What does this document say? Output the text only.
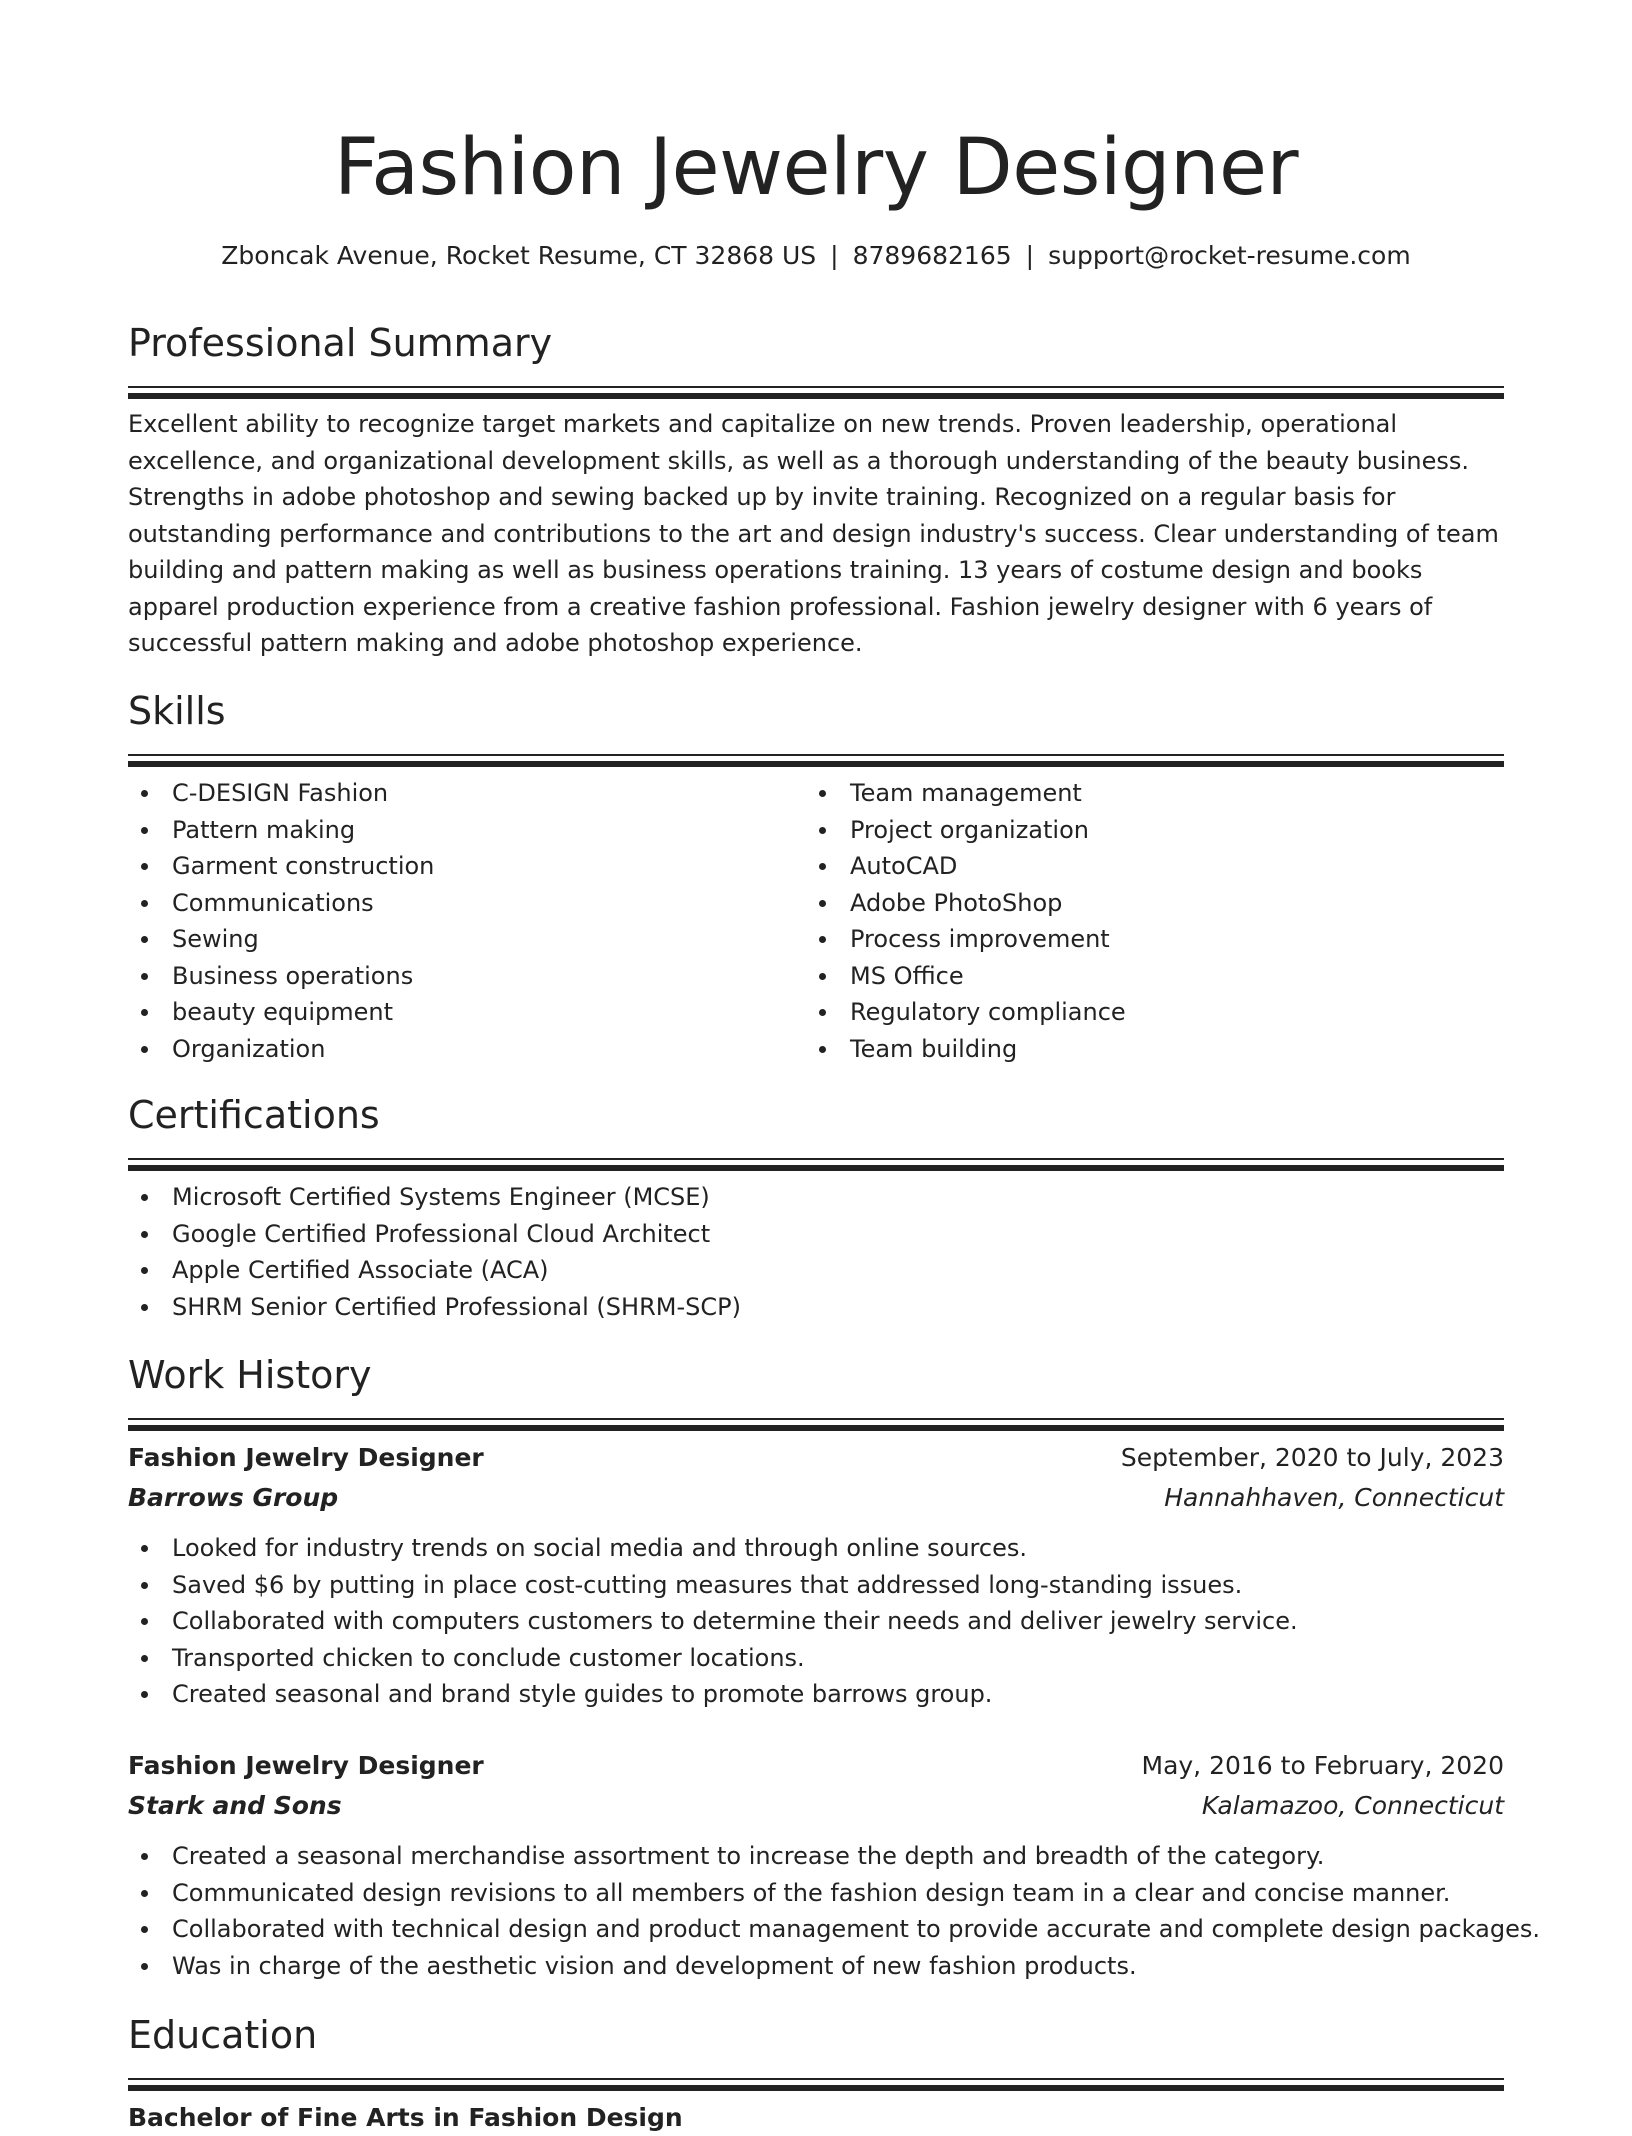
Fashion Jewelry Designer
Zboncak Avenue, Rocket Resume, CT 32868 US | 8789682165 | support@rocket-resume.com
Professional Summary

Excellent ability to recognize target markets and capitalize on new trends. Proven leadership, operational excellence, and organizational development skills, as well as a thorough understanding of the beauty business. Strengths in adobe photoshop and sewing backed up by invite training. Recognized on a regular basis for outstanding performance and contributions to the art and design industry's success. Clear understanding of team building and pattern making as well as business operations training. 13 years of costume design and books apparel production experience from a creative fashion professional. Fashion jewelry designer with 6 years of successful pattern making and adobe photoshop experience.

Skills
C-DESIGN Fashion
Pattern making
Garment construction
Communications
Sewing
Business operations
beauty equipment
Organization
Team management
Project organization
AutoCAD
Adobe PhotoShop
Process improvement
MS Office
Regulatory compliance
Team building
Certifications
Microsoft Certified Systems Engineer (MCSE)
Google Certified Professional Cloud Architect
Apple Certified Associate (ACA)
SHRM Senior Certified Professional (SHRM-SCP)
Work History
Fashion Jewelry Designer	September, 2020 to July, 2023
Barrows Group	Hannahhaven, Connecticut
Looked for industry trends on social media and through online sources.
Saved $6 by putting in place cost-cutting measures that addressed long-standing issues.
Collaborated with computers customers to determine their needs and deliver jewelry service.
Transported chicken to conclude customer locations.
Created seasonal and brand style guides to promote barrows group.
Fashion Jewelry Designer	May, 2016 to February, 2020
Stark and Sons	Kalamazoo, Connecticut
Created a seasonal merchandise assortment to increase the depth and breadth of the category.
Communicated design revisions to all members of the fashion design team in a clear and concise manner.
Collaborated with technical design and product management to provide accurate and complete design packages.
Was in charge of the aesthetic vision and development of new fashion products.
Education
Bachelor of Fine Arts in Fashion Design
